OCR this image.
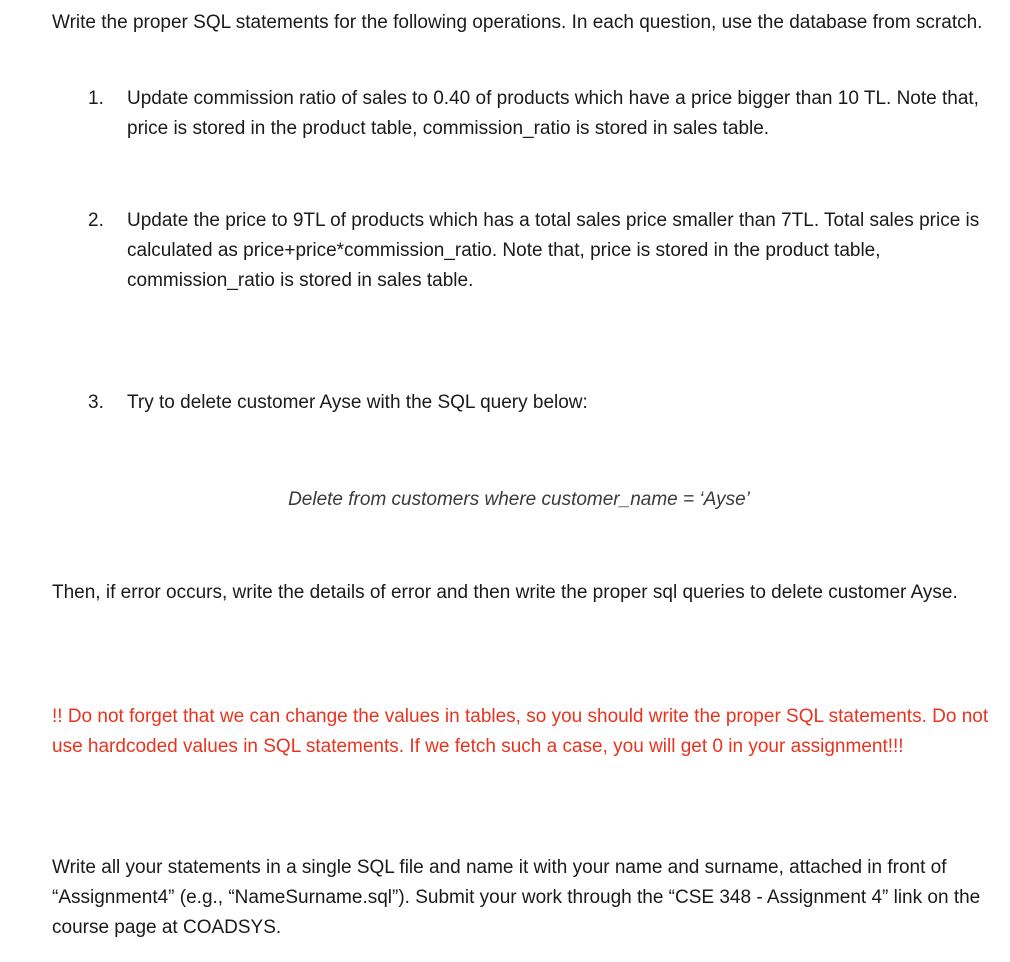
Write the proper SQL statements for the following operations. In each question, use the database from scratch.

1.	Update commission ratio of sales to 0.40 of products which have a price bigger than 10 TL. Note that, price is stored in the product table, commission_ratio is stored in sales table.
2.	Update the price to 9TL of products which has a total sales price smaller than 7TL. Total sales price is calculated as price+price*commission_ratio. Note that, price is stored in the product table, commission_ratio is stored in sales table.
3.	Try to delete customer Ayse with the SQL query below:
Delete from customers where customer_name = ‘Ayse’

Then, if error occurs, write the details of error and then write the proper sql queries to delete customer Ayse.

!! Do not forget that we can change the values in tables, so you should write the proper SQL statements. Do not use hardcoded values in SQL statements. If we fetch such a case, you will get 0 in your assignment!!!

Write all your statements in a single SQL file and name it with your name and surname, attached in front of “Assignment4” (e.g., “NameSurname.sql”). Submit your work through the “CSE 348 - Assignment 4” link on the course page at COADSYS.
